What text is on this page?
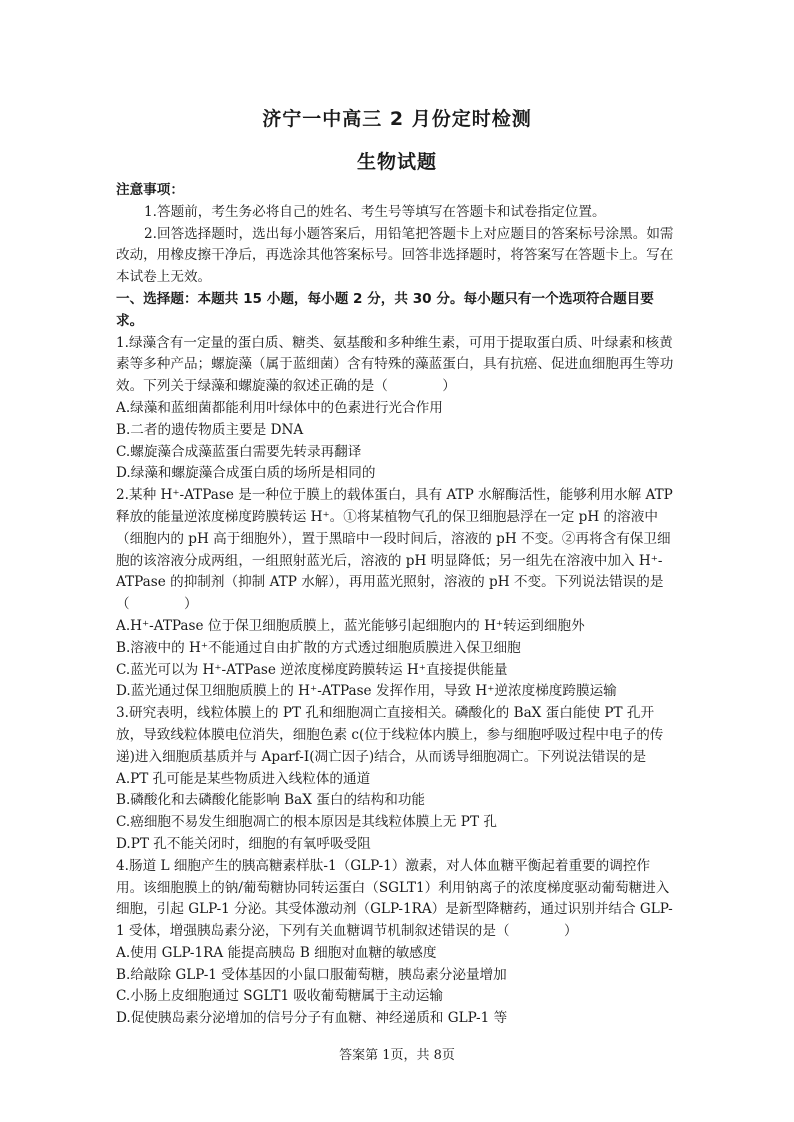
济宁一中高三 2 月份定时检测
生物试题

注意事项：

1.答题前，考生务必将自己的姓名、考生号等填写在答题卡和试卷指定位置。

2.回答选择题时，选出每小题答案后，用铅笔把答题卡上对应题目的答案标号涂黑。如需改动，用橡皮擦干净后，再选涂其他答案标号。回答非选择题时，将答案写在答题卡上。写在本试卷上无效。

一、选择题：本题共 15 小题，每小题 2 分，共 30 分。每小题只有一个选项符合题目要求。

1.绿藻含有一定量的蛋白质、糖类、氨基酸和多种维生素，可用于提取蛋白质、叶绿素和核黄素等多种产品；螺旋藻（属于蓝细菌）含有特殊的藻蓝蛋白，具有抗癌、促进血细胞再生等功效。下列关于绿藻和螺旋藻的叙述正确的是（　　　　）

A.绿藻和蓝细菌都能利用叶绿体中的色素进行光合作用

B.二者的遗传物质主要是 DNA

C.螺旋藻合成藻蓝蛋白需要先转录再翻译

D.绿藻和螺旋藻合成蛋白质的场所是相同的

2.某种 H⁺-ATPase 是一种位于膜上的载体蛋白，具有 ATP 水解酶活性，能够利用水解 ATP 释放的能量逆浓度梯度跨膜转运 H⁺。①将某植物气孔的保卫细胞悬浮在一定 pH 的溶液中（细胞内的 pH 高于细胞外），置于黑暗中一段时间后，溶液的 pH 不变。②再将含有保卫细胞的该溶液分成两组，一组照射蓝光后，溶液的 pH 明显降低；另一组先在溶液中加入 H⁺-ATPase 的抑制剂（抑制 ATP 水解），再用蓝光照射，溶液的 pH 不变。下列说法错误的是（　　　　）

A.H⁺-ATPase 位于保卫细胞质膜上，蓝光能够引起细胞内的 H⁺转运到细胞外

B.溶液中的 H⁺不能通过自由扩散的方式透过细胞质膜进入保卫细胞

C.蓝光可以为 H⁺-ATPase 逆浓度梯度跨膜转运 H⁺直接提供能量

D.蓝光通过保卫细胞质膜上的 H⁺-ATPase 发挥作用，导致 H⁺逆浓度梯度跨膜运输

3.研究表明，线粒体膜上的 PT 孔和细胞凋亡直接相关。磷酸化的 BaX 蛋白能使 PT 孔开放，导致线粒体膜电位消失，细胞色素 c(位于线粒体内膜上，参与细胞呼吸过程中电子的传递)进入细胞质基质并与 Aparf-I(凋亡因子)结合，从而诱导细胞凋亡。下列说法错误的是

A.PT 孔可能是某些物质进入线粒体的通道

B.磷酸化和去磷酸化能影响 BaX 蛋白的结构和功能

C.癌细胞不易发生细胞凋亡的根本原因是其线粒体膜上无 PT 孔

D.PT 孔不能关闭时，细胞的有氧呼吸受阻

4.肠道 L 细胞产生的胰高糖素样肽-1（GLP-1）激素，对人体血糖平衡起着重要的调控作用。该细胞膜上的钠/葡萄糖协同转运蛋白（SGLT1）利用钠离子的浓度梯度驱动葡萄糖进入细胞，引起 GLP-1 分泌。其受体激动剂（GLP-1RA）是新型降糖药，通过识别并结合 GLP-1 受体，增强胰岛素分泌，下列有关血糖调节机制叙述错误的是（　　　　）

A.使用 GLP-1RA 能提高胰岛 B 细胞对血糖的敏感度

B.给敲除 GLP-1 受体基因的小鼠口服葡萄糖，胰岛素分泌量增加

C.小肠上皮细胞通过 SGLT1 吸收葡萄糖属于主动运输

D.促使胰岛素分泌增加的信号分子有血糖、神经递质和 GLP-1 等

答案第 1页，共 8页
